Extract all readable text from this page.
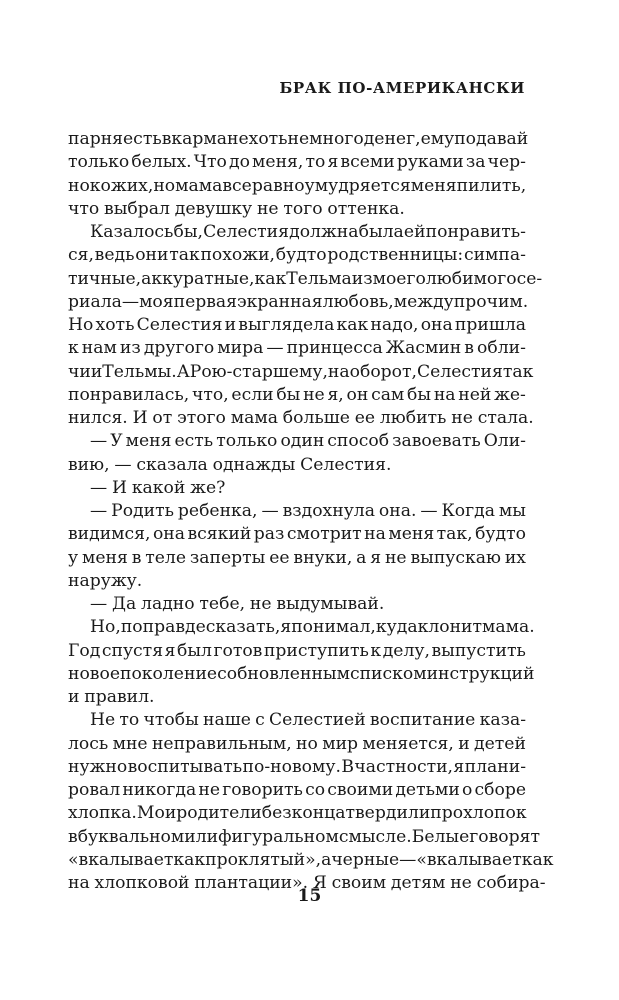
БРАК ПО-АМЕРИКАНСКИ
парня есть в кармане хоть немного денег, ему подавай
только белых. Что до меня, то я всеми руками за чер-
нокожих, но мама все равно умудряется меня пилить,
что выбрал девушку не того оттенка.
Казалось бы, Селестия должна была ей понравить-
ся, ведь они так похожи, будто родственницы: симпа-
тичные, аккуратные, как Тельма из моего любимого се-
риала — моя первая экранная любовь, между прочим.
Но хоть Селестия и выглядела как надо, она пришла
к нам из другого мира — принцесса Жасмин в обли-
чии Тельмы. А Рою-старшему, наоборот, Селестия так
понравилась, что, если бы не я, он сам бы на ней же-
нился. И от этого мама больше ее любить не стала.
— У меня есть только один способ завоевать Оли-
вию, — сказала однажды Селестия.
— И какой же?
— Родить ребенка, — вздохнула она. — Когда мы
видимся, она всякий раз смотрит на меня так, будто
у меня в теле заперты ее внуки, а я не выпускаю их
наружу.
— Да ладно тебе, не выдумывай.
Но, по правде сказать, я понимал, куда клонит мама.
Год спустя я был готов приступить к делу, выпустить
новое поколение с обновленным списком инструкций
и правил.
Не то чтобы наше с Селестией воспитание каза-
лось мне неправильным, но мир меняется, и детей
нужно воспитывать по-новому. В частности, я плани-
ровал никогда не говорить со своими детьми о сборе
хлопка. Мои родители без конца твердили про хлопок
в буквальном или фигуральном смысле. Белые говорят
«вкалывает как проклятый», а черные — «вкалывает как
на хлопковой плантации». Я своим детям не собира-
15
